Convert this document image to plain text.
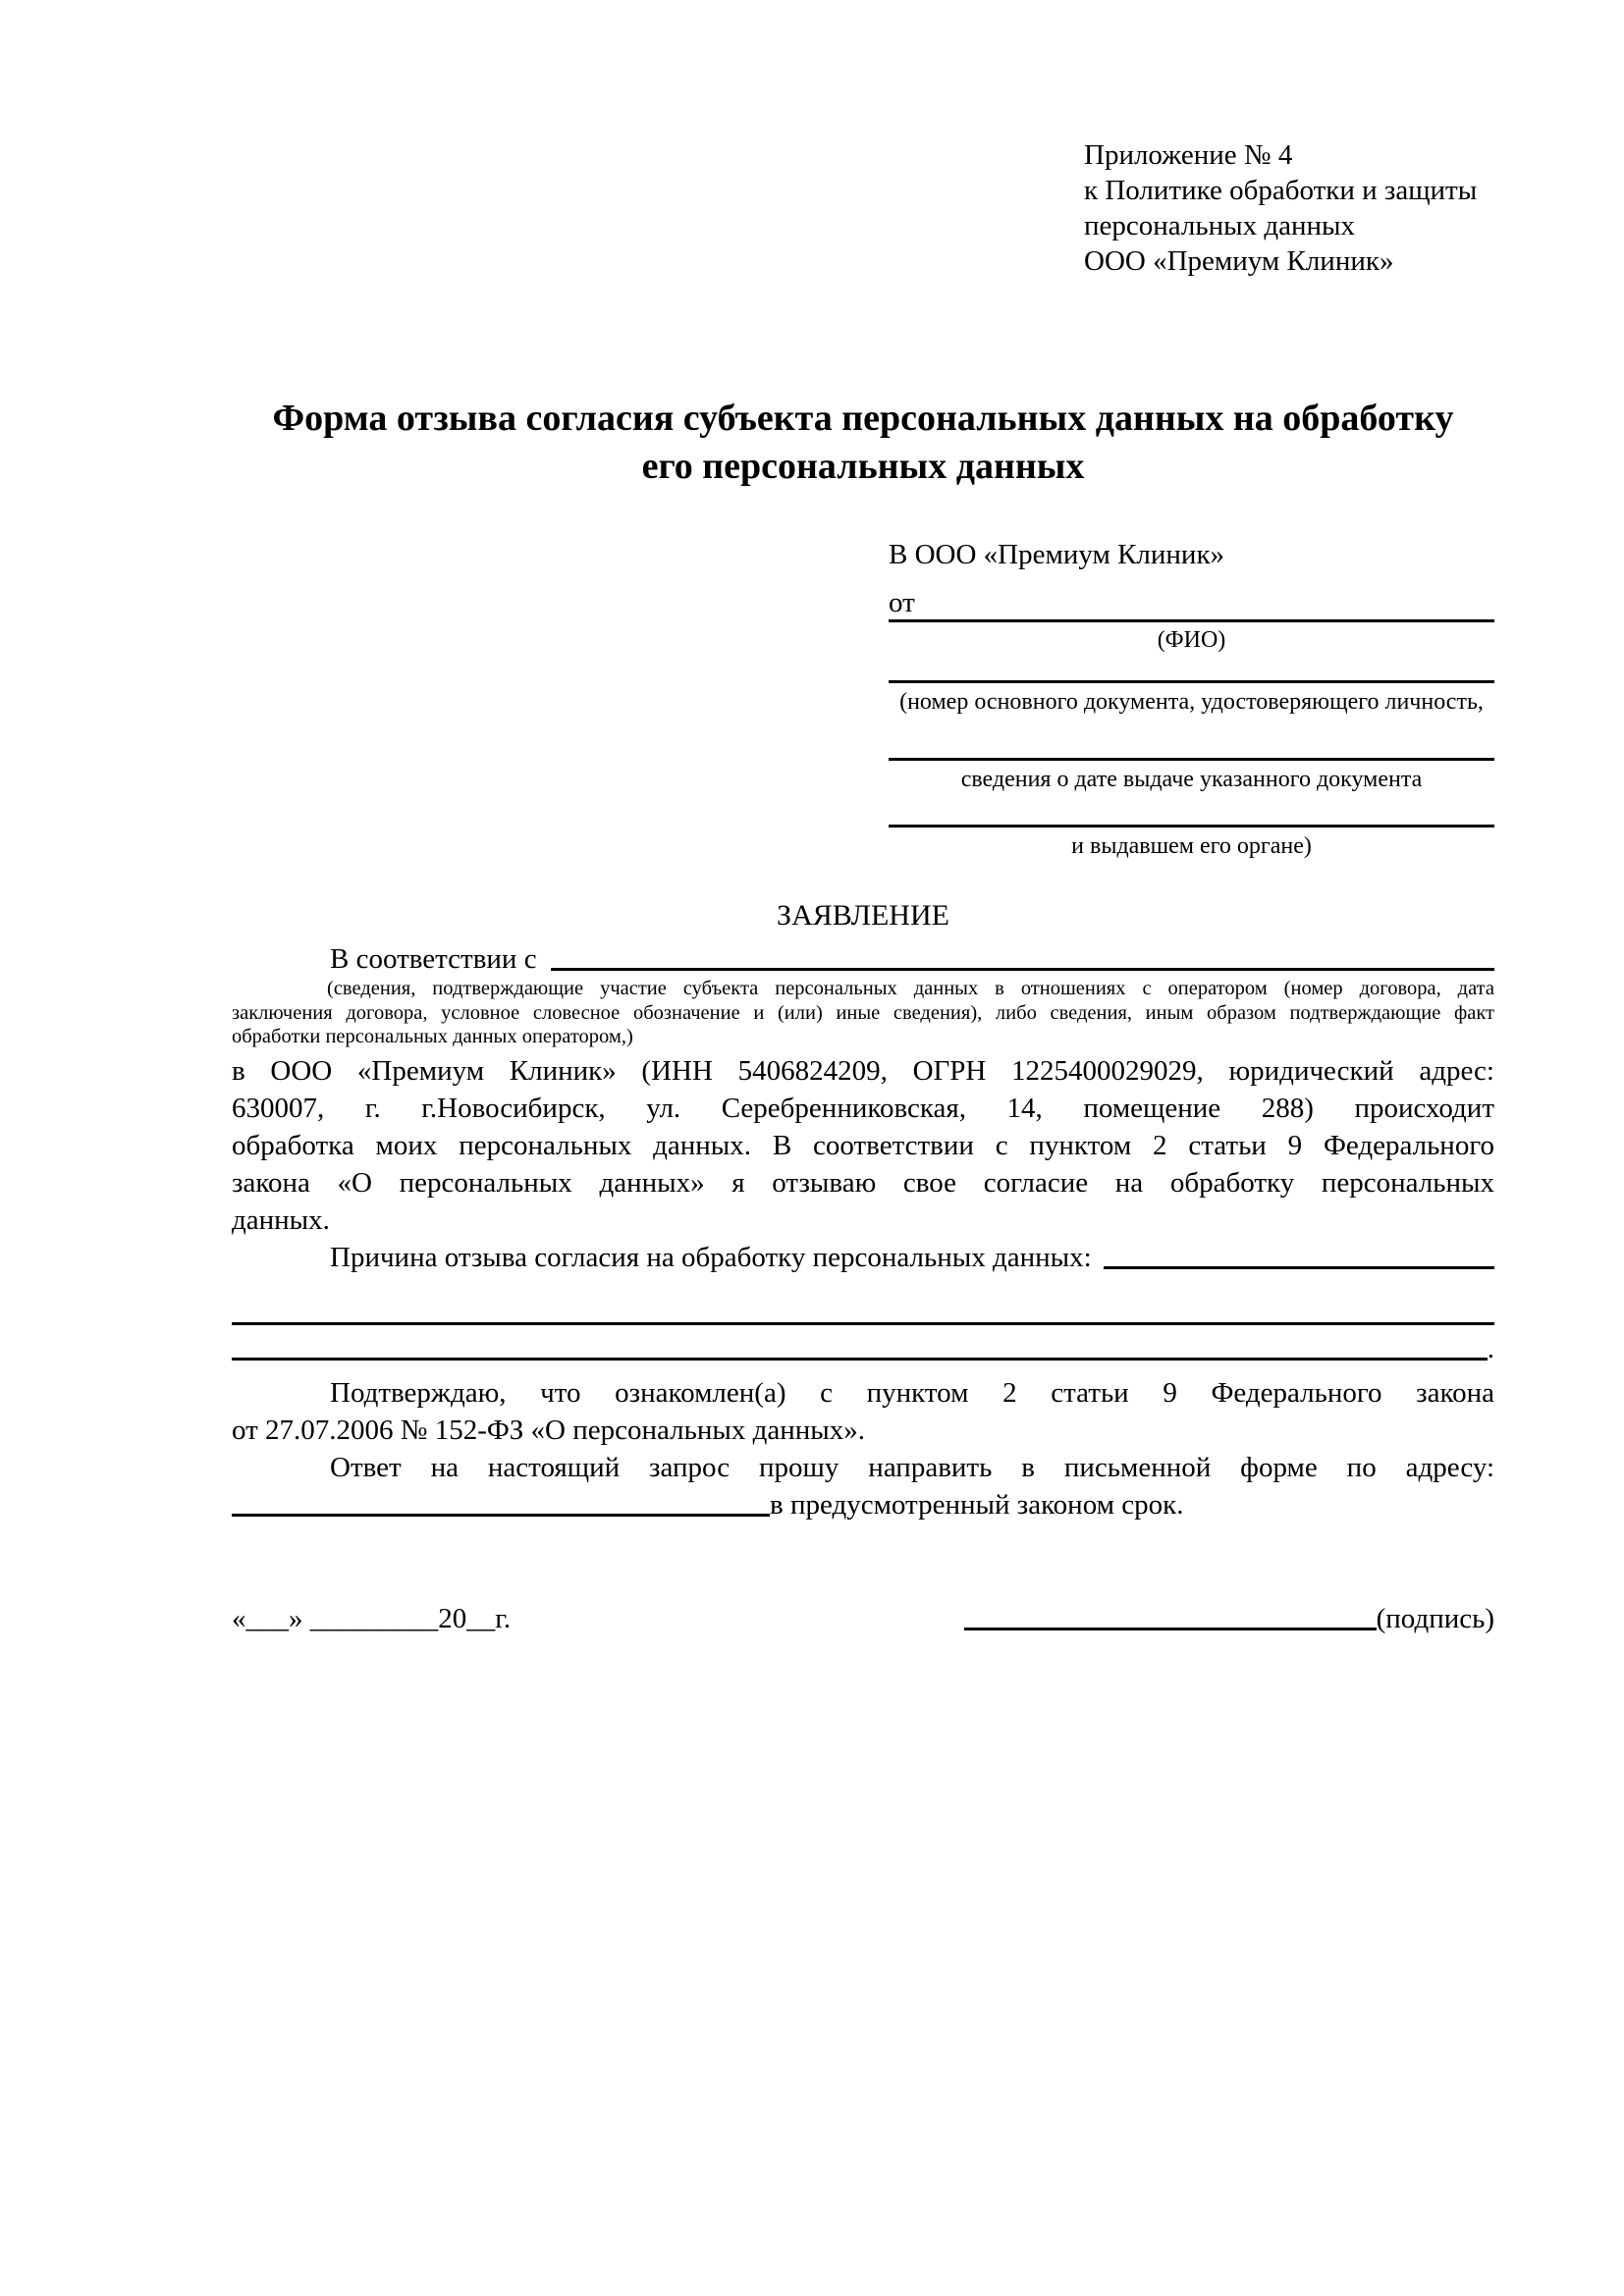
Приложение № 4
к Политике обработки и защиты
персональных данных
ООО «Премиум Клиник»
Форма отзыва согласия субъекта персональных данных на обработку
его персональных данных
В ООО «Премиум Клиник»
от
(ФИО)
(номер основного документа, удостоверяющего личность,
сведения о дате выдаче указанного документа
и выдавшем его органе)
ЗАЯВЛЕНИЕ
В соответствии с
(сведения, подтверждающие участие субъекта персональных данных в отношениях с оператором (номер договора, дата
заключения договора, условное словесное обозначение и (или) иные сведения), либо сведения, иным образом подтверждающие факт
обработки персональных данных оператором,)
в ООО «Премиум Клиник» (ИНН 5406824209, ОГРН 1225400029029, юридический адрес:
630007, г. г.Новосибирск, ул. Серебренниковская, 14, помещение 288) происходит
обработка моих персональных данных. В соответствии с пунктом 2 статьи 9 Федерального
закона «О персональных данных» я отзываю свое согласие на обработку персональных
данных.
Причина отзыва согласия на обработку персональных данных:
.
Подтверждаю, что ознакомлен(а) с пунктом 2 статьи 9 Федерального закона
от 27.07.2006 № 152-ФЗ «О персональных данных».
Ответ на настоящий запрос прошу направить в письменной форме по адресу:
в предусмотренный законом срок.
«___» _________20__г.	(подпись)
